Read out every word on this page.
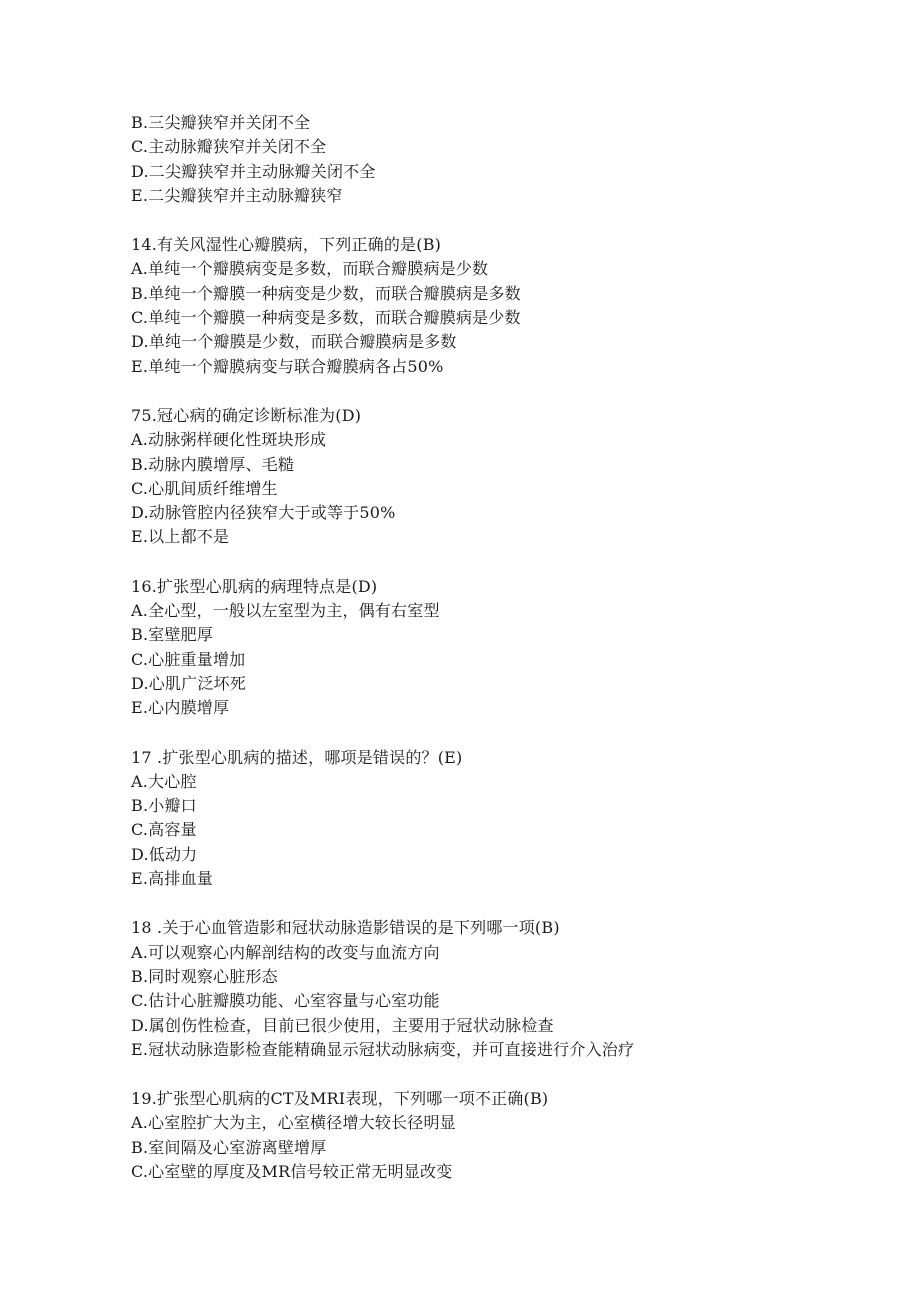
B.三尖瓣狭窄并关闭不全
C.主动脉瓣狭窄并关闭不全
D.二尖瓣狭窄并主动脉瓣关闭不全
E.二尖瓣狭窄并主动脉瓣狭窄
14.有关风湿性心瓣膜病，下列正确的是(B)
A.单纯一个瓣膜病变是多数，而联合瓣膜病是少数
B.单纯一个瓣膜一种病变是少数，而联合瓣膜病是多数
C.单纯一个瓣膜一种病变是多数，而联合瓣膜病是少数
D.单纯一个瓣膜是少数，而联合瓣膜病是多数
E.单纯一个瓣膜病变与联合瓣膜病各占50%
75.冠心病的确定诊断标准为(D)
A.动脉粥样硬化性斑块形成
B.动脉内膜增厚、毛糙
C.心肌间质纤维增生
D.动脉管腔内径狭窄大于或等于50%
E.以上都不是
16.扩张型心肌病的病理特点是(D)
A.全心型，一般以左室型为主，偶有右室型
B.室壁肥厚
C.心脏重量增加
D.心肌广泛坏死
E.心内膜增厚
17 .扩张型心肌病的描述，哪项是错误的？(E)
A.大心腔
B.小瓣口
C.高容量
D.低动力
E.高排血量
18 .关于心血管造影和冠状动脉造影错误的是下列哪一项(B)
A.可以观察心内解剖结构的改变与血流方向
B.同时观察心脏形态
C.估计心脏瓣膜功能、心室容量与心室功能
D.属创伤性检查，目前已很少使用，主要用于冠状动脉检查
E.冠状动脉造影检查能精确显示冠状动脉病变，并可直接进行介入治疗
19.扩张型心肌病的CT及MRI表现，下列哪一项不正确(B)
A.心室腔扩大为主，心室横径增大较长径明显
B.室间隔及心室游离壁增厚
C.心室壁的厚度及MR信号较正常无明显改变
